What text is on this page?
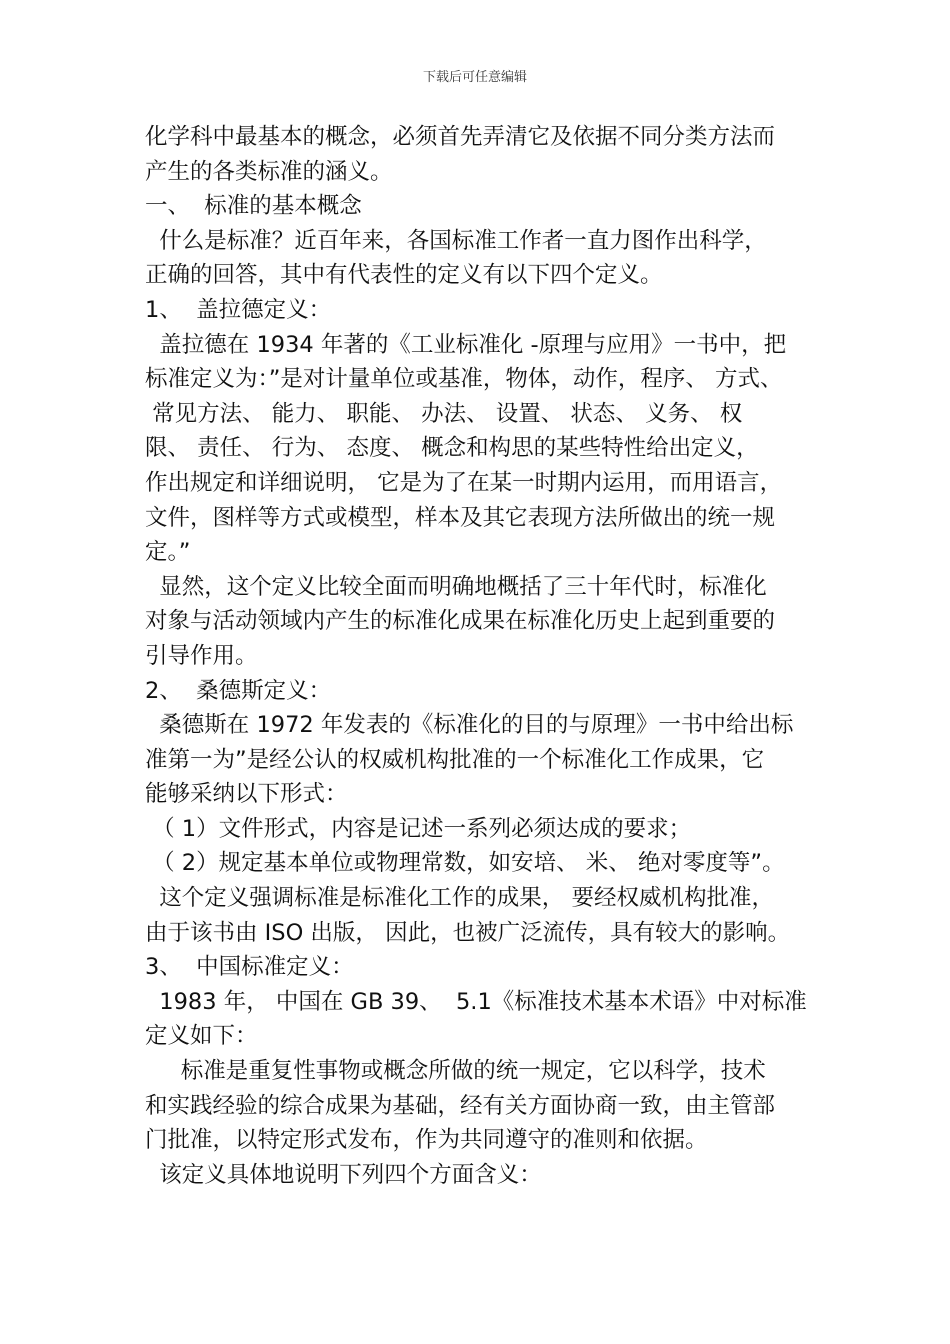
下载后可任意编辑
化学科中最基本的概念，必须首先弄清它及依据不同分类方法而
产生的各类标准的涵义。
一、  标准的基本概念
什么是标准？近百年来，各国标准工作者一直力图作出科学，
正确的回答，其中有代表性的定义有以下四个定义。
1、  盖拉德定义：
盖拉德在 1934 年著的《工业标准化 -原理与应用》一书中，把
标准定义为：”是对计量单位或基准，物体，动作，程序、 方式、
常见方法、 能力、 职能、 办法、 设置、 状态、 义务、 权
限、 责任、 行为、 态度、 概念和构思的某些特性给出定义，
作出规定和详细说明， 它是为了在某一时期内运用，而用语言，
文件，图样等方式或模型，样本及其它表现方法所做出的统一规
定。”
显然，这个定义比较全面而明确地概括了三十年代时，标准化
对象与活动领域内产生的标准化成果在标准化历史上起到重要的
引导作用。
2、  桑德斯定义：
桑德斯在 1972 年发表的《标准化的目的与原理》一书中给出标
准第一为”是经公认的权威机构批准的一个标准化工作成果，它
能够采纳以下形式：
（ 1）文件形式，内容是记述一系列必须达成的要求；
（ 2）规定基本单位或物理常数，如安培、 米、 绝对零度等”。
这个定义强调标准是标准化工作的成果， 要经权威机构批准，
由于该书由 ISO 出版， 因此，也被广泛流传，具有较大的影响。
3、  中国标准定义：
1983 年， 中国在 GB 39、  5.1《标准技术基本术语》中对标准
定义如下：
标准是重复性事物或概念所做的统一规定，它以科学，技术
和实践经验的综合成果为基础，经有关方面协商一致，由主管部
门批准，以特定形式发布，作为共同遵守的准则和依据。
该定义具体地说明下列四个方面含义：
